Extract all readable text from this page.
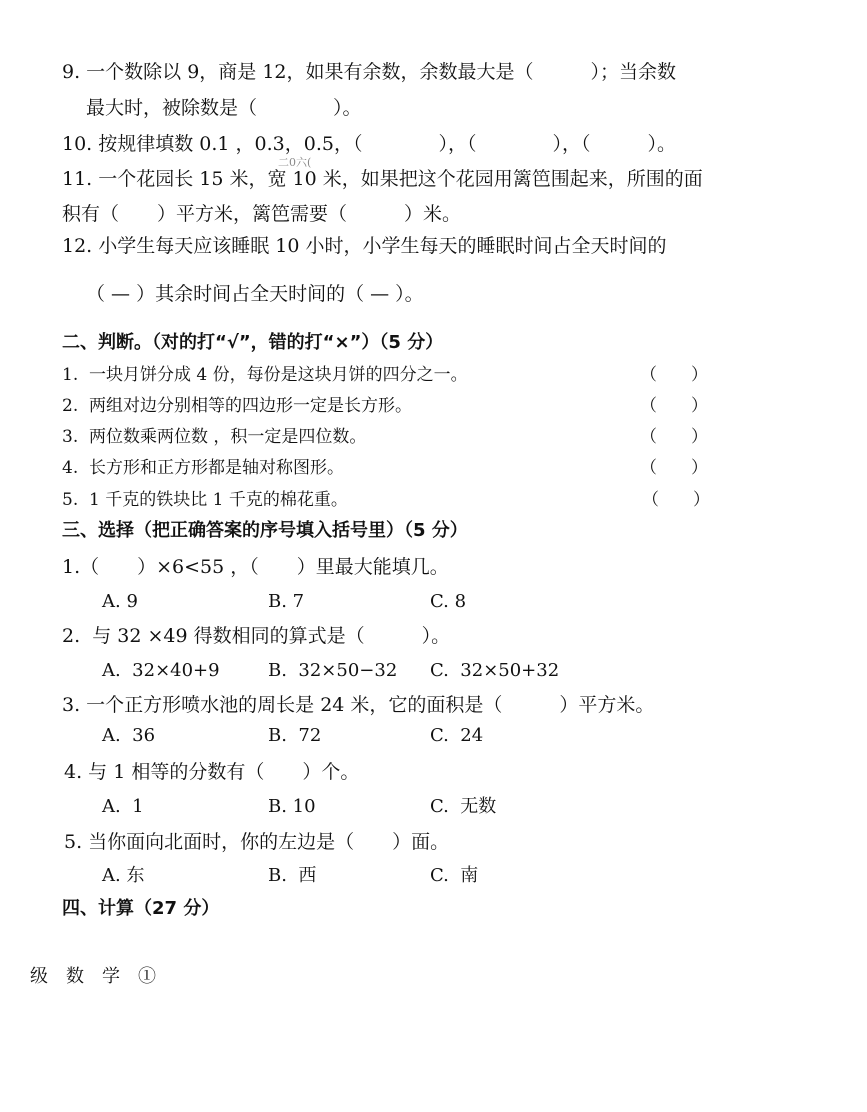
9. 一个数除以 9，商是 12，如果有余数，余数最大是（　　　）；当余数
最大时，被除数是（　　　　）。
10. 按规律填数 0.1 ，0.3，0.5，（　　　　），（　　　　），（　　　）。
二0六(
11. 一个花园长 15 米，宽 10 米，如果把这个花园用篱笆围起来，所围的面
积有（　　）平方米，篱笆需要（　　　）米。
12. 小学生每天应该睡眠 10 小时，小学生每天的睡眠时间占全天时间的
（ — ）其余时间占全天时间的（ — ）。
二、判断。（对的打“√”，错的打“×”）（5 分）
1.  一块月饼分成 4 份，每份是这块月饼的四分之一。	（　　）
2.  两组对边分别相等的四边形一定是长方形。	（　　）
3.  两位数乘两位数 ，积一定是四位数。	（　　）
4.  长方形和正方形都是轴对称图形。	（　　）
5.  1 千克的铁块比 1 千克的棉花重。	（　　）
三、选择（把正确答案的序号填入括号里）（5 分）
1.（　　）×6<55 ，（　　）里最大能填几。
A. 9	B. 7	C. 8
2.  与 32 ×49 得数相同的算式是（　　　）。
A.  32×40+9	B.  32×50−32 C.  32×50+32
3. 一个正方形喷水池的周长是 24 米，它的面积是（　　　）平方米。
A.  36	B.  72	C.  24
4. 与 1 相等的分数有（　　）个。
A.  1	B. 10	C.  无数
5. 当你面向北面时，你的左边是（　　）面。
A. 东	B.  西	C.  南
四、计算（27 分）
级　数　学　①
